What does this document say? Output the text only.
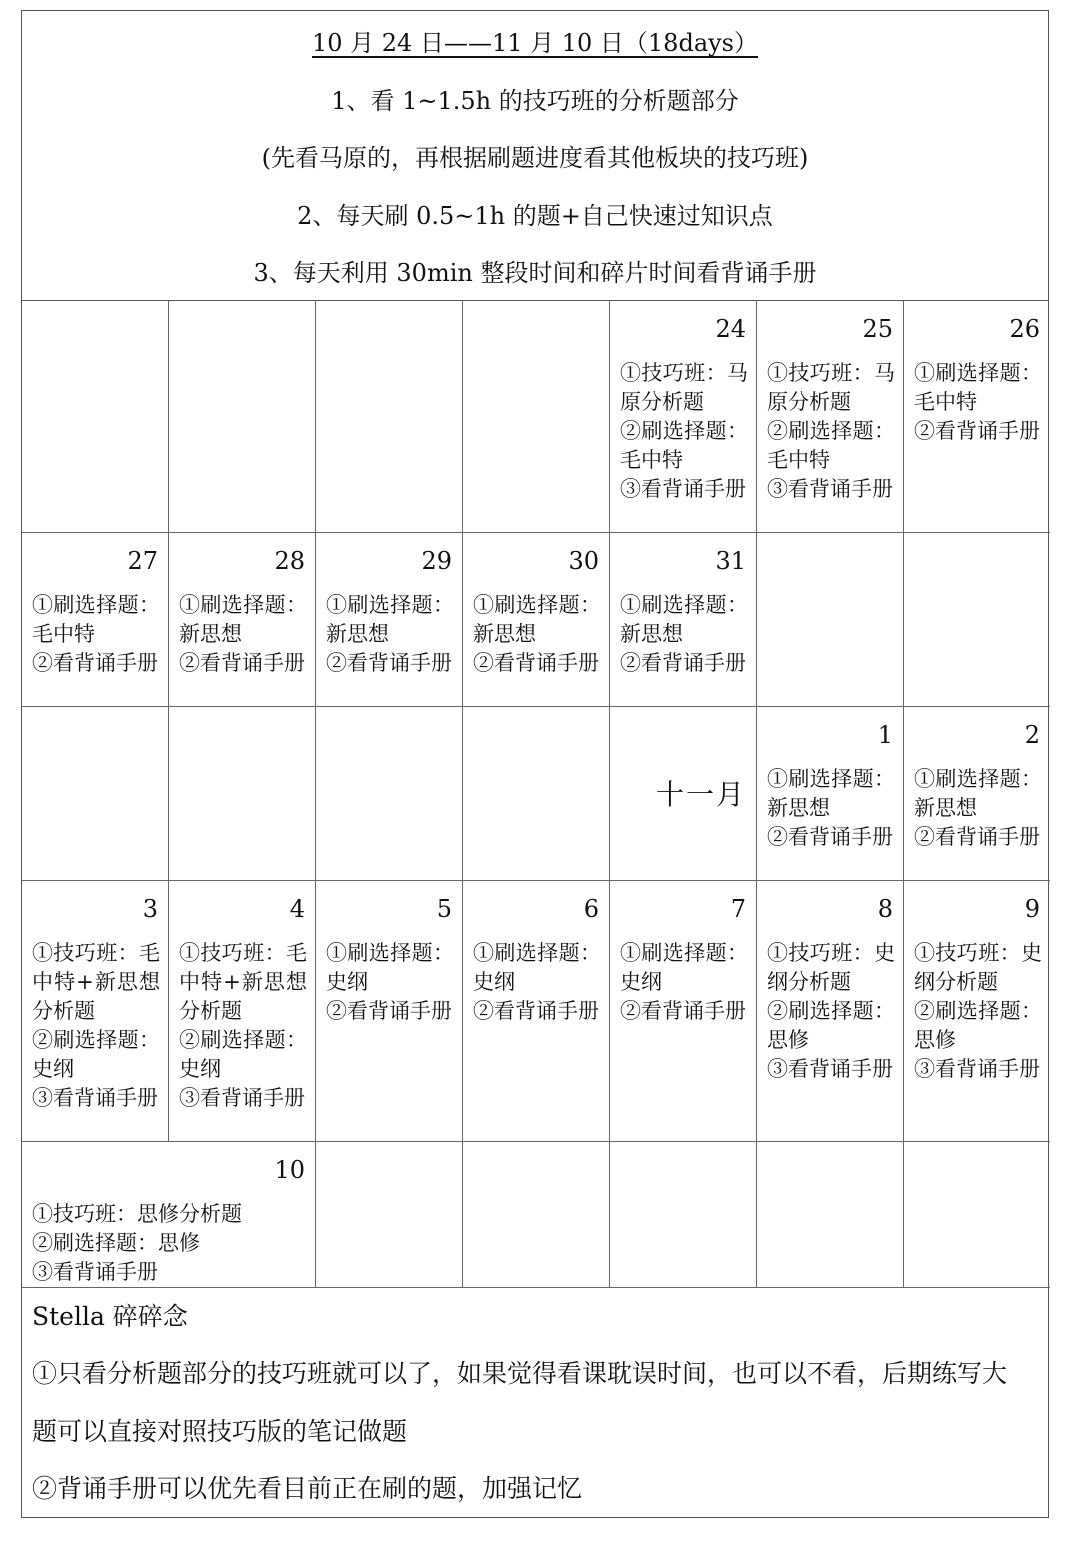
10 月 24 日——11 月 10 日（18days）
1、看 1~1.5h 的技巧班的分析题部分
(先看马原的，再根据刷题进度看其他板块的技巧班)
2、每天刷 0.5~1h 的题+自己快速过知识点
3、每天利用 30min 整段时间和碎片时间看背诵手册
24
①技巧班：马原分析题
②刷选择题：毛中特
③看背诵手册
25
①技巧班：马原分析题
②刷选择题：毛中特
③看背诵手册
26
①刷选择题：毛中特
②看背诵手册
27
①刷选择题：毛中特
②看背诵手册
28
①刷选择题：新思想
②看背诵手册
29
①刷选择题：新思想
②看背诵手册
30
①刷选择题：新思想
②看背诵手册
31
①刷选择题：新思想
②看背诵手册
十一月
1
①刷选择题：新思想
②看背诵手册
2
①刷选择题：新思想
②看背诵手册
3
①技巧班：毛中特+新思想分析题
②刷选择题：史纲
③看背诵手册
4
①技巧班：毛中特+新思想分析题
②刷选择题：史纲
③看背诵手册
5
①刷选择题：史纲
②看背诵手册
6
①刷选择题：史纲
②看背诵手册
7
①刷选择题：史纲
②看背诵手册
8
①技巧班：史纲分析题
②刷选择题：思修
③看背诵手册
9
①技巧班：史纲分析题
②刷选择题：思修
③看背诵手册
10
①技巧班：思修分析题
②刷选择题：思修
③看背诵手册
Stella 碎碎念
①只看分析题部分的技巧班就可以了，如果觉得看课耽误时间，也可以不看，后期练写大
题可以直接对照技巧版的笔记做题
②背诵手册可以优先看目前正在刷的题，加强记忆
